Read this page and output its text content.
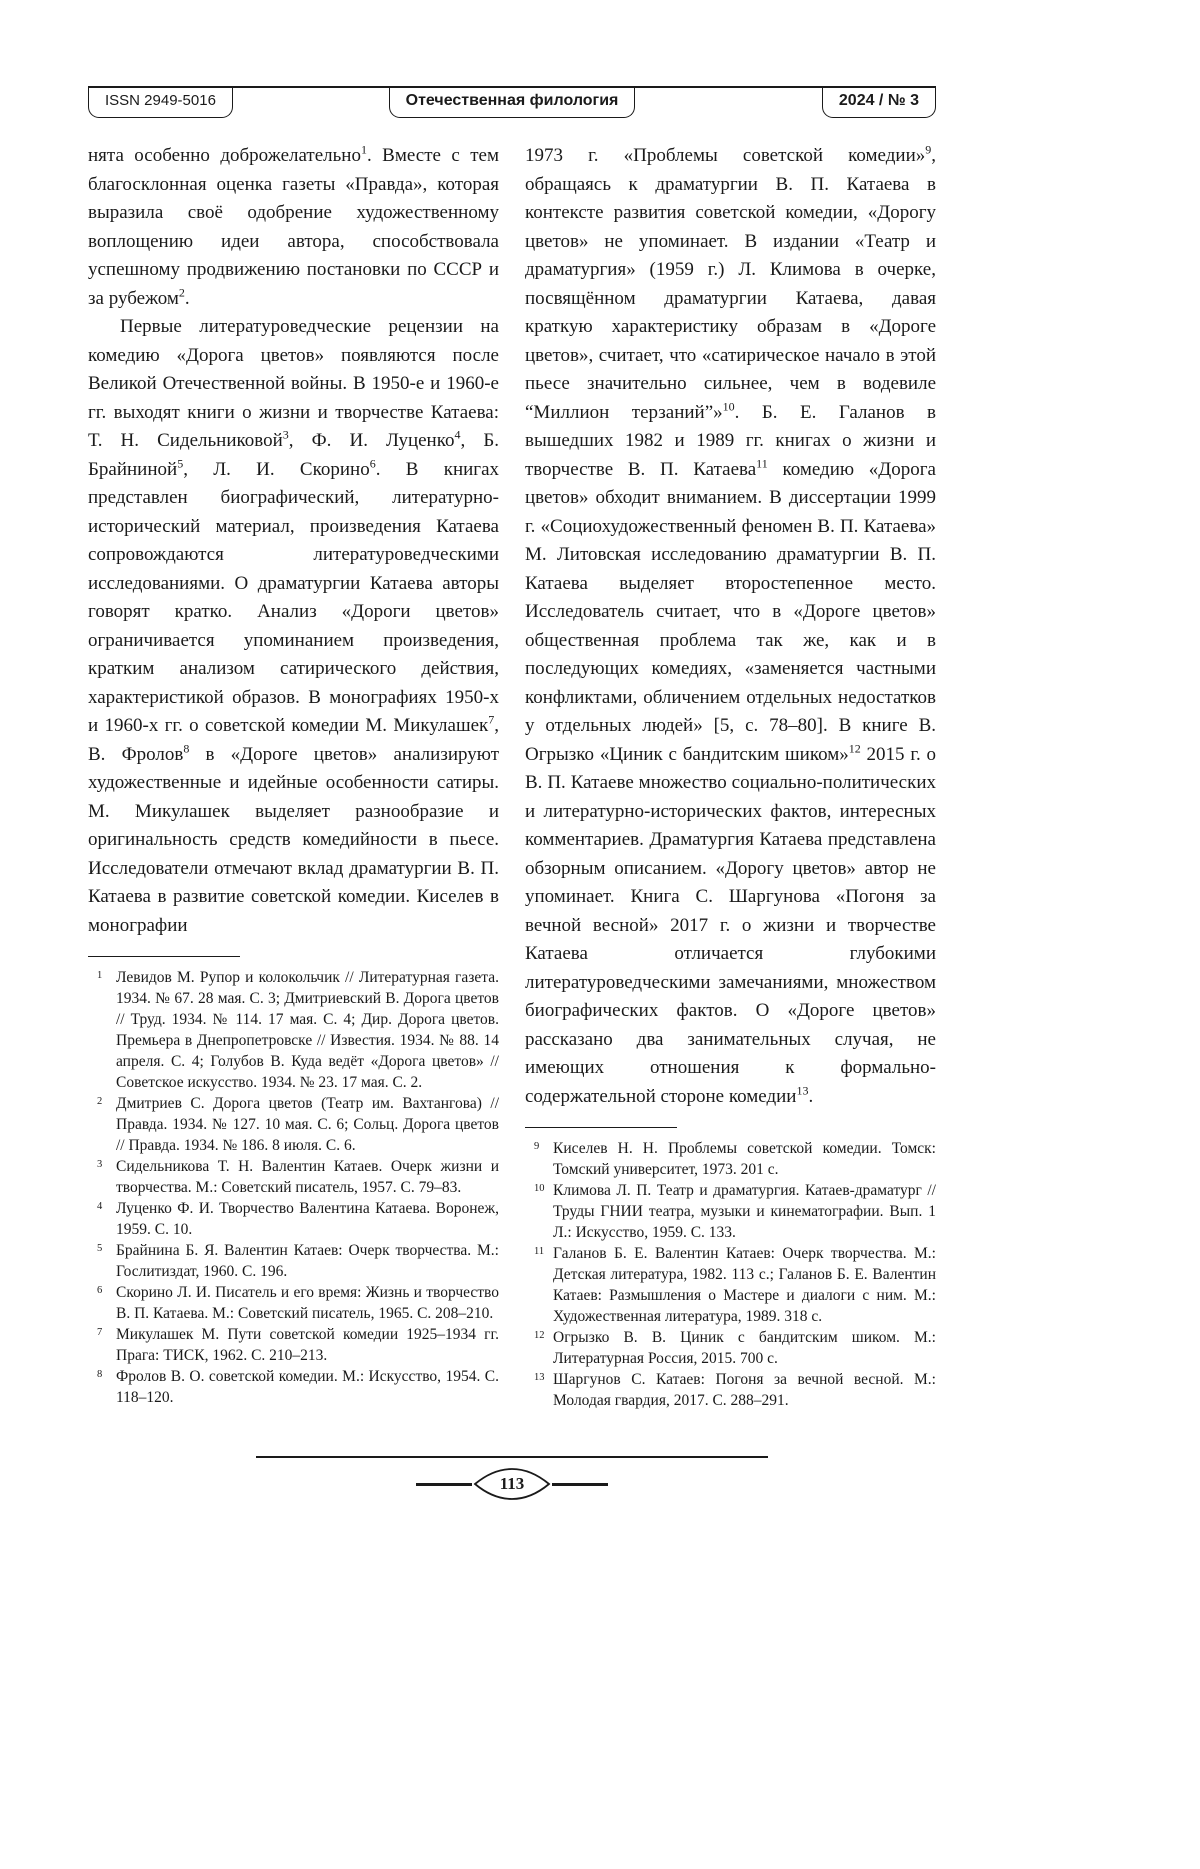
ISSN 2949-5016	Отечественная филология	2024 / № 3

нята особенно доброжелательно$^1$. Вместе с тем благосклонная оценка газеты «Правда», которая выразила своё одобрение художественному воплощению идеи автора, способствовала успешному продвижению постановки по СССР и за рубежом$^2$.

Первые литературоведческие рецензии на комедию «Дорога цветов» появляются после Великой Отечественной войны. В 1950-е и 1960-е гг. выходят книги о жизни и творчестве Катаева: Т. Н. Сидельниковой$^3$, Ф. И. Луценко$^4$, Б. Брайниной$^5$, Л. И. Скорино$^6$. В книгах представлен биографический, литературно-исторический материал, произведения Катаева сопровождаются литературоведческими исследованиями. О драматургии Катаева авторы говорят кратко. Анализ «Дороги цветов» ограничивается упоминанием произведения, кратким анализом сатирического действия, характеристикой образов. В монографиях 1950-х и 1960-х гг. о советской комедии М. Микулашек$^7$, В. Фролов$^8$ в «Дороге цветов» анализируют художественные и идейные особенности сатиры. М. Микулашек выделяет разнообразие и оригинальность средств комедийности в пьесе. Исследователи отмечают вклад драматургии В. П. Катаева в развитие советской комедии. Киселев в монографии

1 Левидов М. Рупор и колокольчик // Литературная газета. 1934. № 67. 28 мая. С. 3; Дмитриевский В. Дорога цветов // Труд. 1934. № 114. 17 мая. С. 4; Дир. Дорога цветов. Премьера в Днепропетровске // Известия. 1934. № 88. 14 апреля. С. 4; Голубов В. Куда ведёт «Дорога цветов» // Советское искусство. 1934. № 23. 17 мая. С. 2.
2 Дмитриев С. Дорога цветов (Театр им. Вахтангова) // Правда. 1934. № 127. 10 мая. С. 6; Сольц. Дорога цветов // Правда. 1934. № 186. 8 июля. С. 6.
3 Сидельникова Т. Н. Валентин Катаев. Очерк жизни и творчества. М.: Советский писатель, 1957. С. 79–83.
4 Луценко Ф. И. Творчество Валентина Катаева. Воронеж, 1959. С. 10.
5 Брайнина Б. Я. Валентин Катаев: Очерк творчества. М.: Гослитиздат, 1960. С. 196.
6 Скорино Л. И. Писатель и его время: Жизнь и творчество В. П. Катаева. М.: Советский писатель, 1965. С. 208–210.
7 Микулашек М. Пути советской комедии 1925–1934 гг. Прага: ТИСК, 1962. С. 210–213.
8 Фролов В. О. советской комедии. М.: Искусство, 1954. С. 118–120.

1973 г. «Проблемы советской комедии»$^9$, обращаясь к драматургии В. П. Катаева в контексте развития советской комедии, «Дорогу цветов» не упоминает. В издании «Театр и драматургия» (1959 г.) Л. Климова в очерке, посвящённом драматургии Катаева, давая краткую характеристику образам в «Дороге цветов», считает, что «сатирическое начало в этой пьесе значительно сильнее, чем в водевиле “Миллион терзаний”»$^{10}$. Б. Е. Галанов в вышедших 1982 и 1989 гг. книгах о жизни и творчестве В. П. Катаева$^{11}$ комедию «Дорога цветов» обходит вниманием. В диссертации 1999 г. «Социохудожественный феномен В. П. Катаева» М. Литовская исследованию драматургии В. П. Катаева выделяет второстепенное место. Исследователь считает, что в «Дороге цветов» общественная проблема так же, как и в последующих комедиях, «заменяется частными конфликтами, обличением отдельных недостатков у отдельных людей» [5, с. 78–80]. В книге В. Огрызко «Циник с бандитским шиком»$^{12}$ 2015 г. о В. П. Катаеве множество социально-политических и литературно-исторических фактов, интересных комментариев. Драматургия Катаева представлена обзорным описанием. «Дорогу цветов» автор не упоминает. Книга С. Шаргунова «Погоня за вечной весной» 2017 г. о жизни и творчестве Катаева отличается глубокими литературоведческими замечаниями, множеством биографических фактов. О «Дороге цветов» рассказано два занимательных случая, не имеющих отношения к формально-содержательной стороне комедии$^{13}$.

9 Киселев Н. Н. Проблемы советской комедии. Томск: Томский университет, 1973. 201 с.
10 Климова Л. П. Театр и драматургия. Катаев-драматург // Труды ГНИИ театра, музыки и кинематографии. Вып. 1 Л.: Искусство, 1959. С. 133.
11 Галанов Б. Е. Валентин Катаев: Очерк творчества. М.: Детская литература, 1982. 113 с.; Галанов Б. Е. Валентин Катаев: Размышления о Мастере и диалоги с ним. М.: Художественная литература, 1989. 318 с.
12 Огрызко В. В. Циник с бандитским шиком. М.: Литературная Россия, 2015. 700 с.
13 Шаргунов С. Катаев: Погоня за вечной весной. М.: Молодая гвардия, 2017. С. 288–291.
113
